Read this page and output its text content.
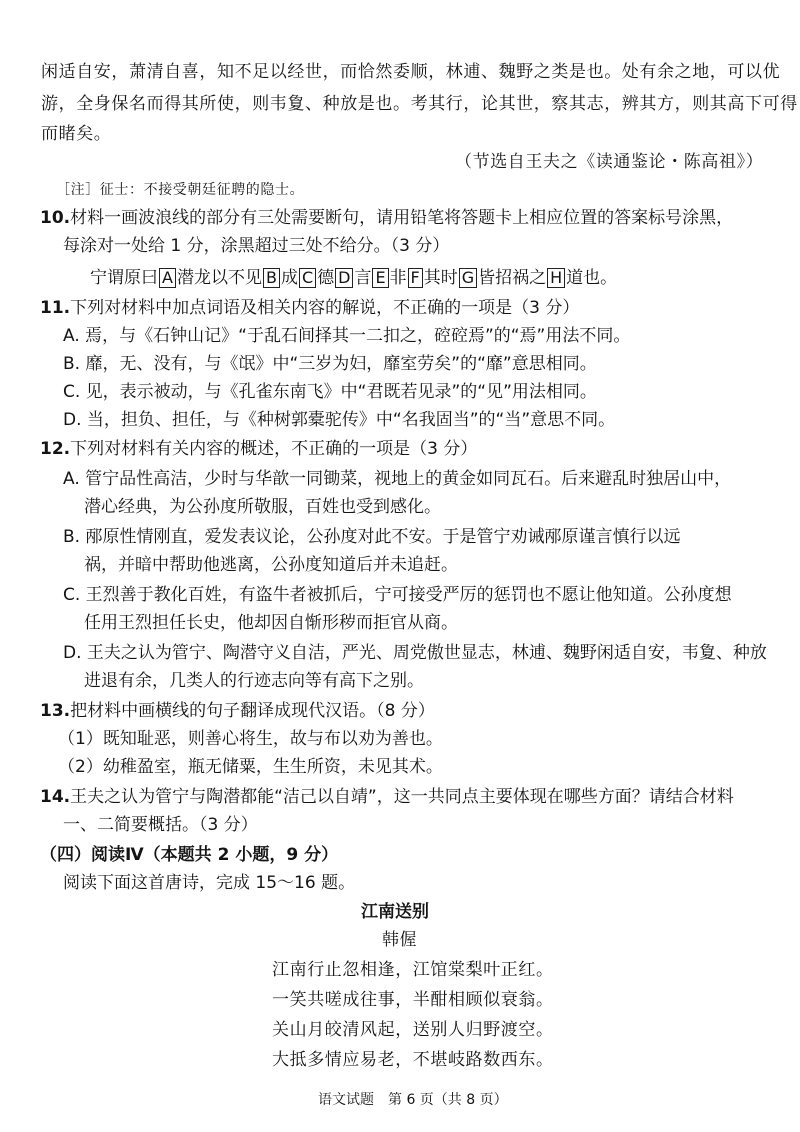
闲适自安，萧清自喜，知不足以经世，而恰然委顺，林逋、魏野之类是也。处有余之地，可以优
游，全身保名而得其所使，则韦夐、种放是也。考其行，论其世，察其志，辨其方，则其高下可得
而睹矣。
（节选自王夫之《读通鉴论・陈高祖》）
［注］征士：不接受朝廷征聘的隐士。
10.材料一画波浪线的部分有三处需要断句，请用铅笔将答题卡上相应位置的答案标号涂黑，
每涂对一处给 1 分，涂黑超过三处不给分。（3 分）
宁谓原曰 A 潜龙以不见 B 成 C 德 D 言 E 非 F 其时 G 皆招祸之 H 道也。
11.下列对材料中加点词语及相关内容的解说，不正确的一项是（3 分）
A. 焉，与《石钟山记》“于乱石间择其一二扣之，硿硿焉”的“焉”用法不同。
B. 靡，无、没有，与《氓》中“三岁为妇，靡室劳矣”的“靡”意思相同。
C. 见，表示被动，与《孔雀东南飞》中“君既若见录”的“见”用法相同。
D. 当，担负、担任，与《种树郭橐驼传》中“名我固当”的“当”意思不同。
12.下列对材料有关内容的概述，不正确的一项是（3 分）
A. 管宁品性高洁，少时与华歆一同锄菜，视地上的黄金如同瓦石。后来避乱时独居山中，
潜心经典，为公孙度所敬服，百姓也受到感化。
B. 邴原性情刚直，爱发表议论，公孙度对此不安。于是管宁劝诫邴原谨言慎行以远
祸，并暗中帮助他逃离，公孙度知道后并未追赶。
C. 王烈善于教化百姓，有盗牛者被抓后，宁可接受严厉的惩罚也不愿让他知道。公孙度想
任用王烈担任长史，他却因自惭形秽而拒官从商。
D. 王夫之认为管宁、陶潜守义自洁，严光、周党傲世显志，林逋、魏野闲适自安，韦夐、种放
进退有余，几类人的行迹志向等有高下之别。
13.把材料中画横线的句子翻译成现代汉语。（8 分）
（1）既知耻恶，则善心将生，故与布以劝为善也。
（2）幼稚盈室，瓶无储粟，生生所资，未见其术。
14.王夫之认为管宁与陶潜都能“洁己以自靖”，这一共同点主要体现在哪些方面？请结合材料
一、二简要概括。（3 分）
（四）阅读Ⅳ（本题共 2 小题，9 分）
阅读下面这首唐诗，完成 15～16 题。
江南送别
韩偓
江南行止忽相逢，江馆棠梨叶正红。
一笑共嗟成往事，半酣相顾似衰翁。
关山月皎清风起，送别人归野渡空。
大抵多情应易老，不堪岐路数西东。
语文试题　第 6 页（共 8 页）
